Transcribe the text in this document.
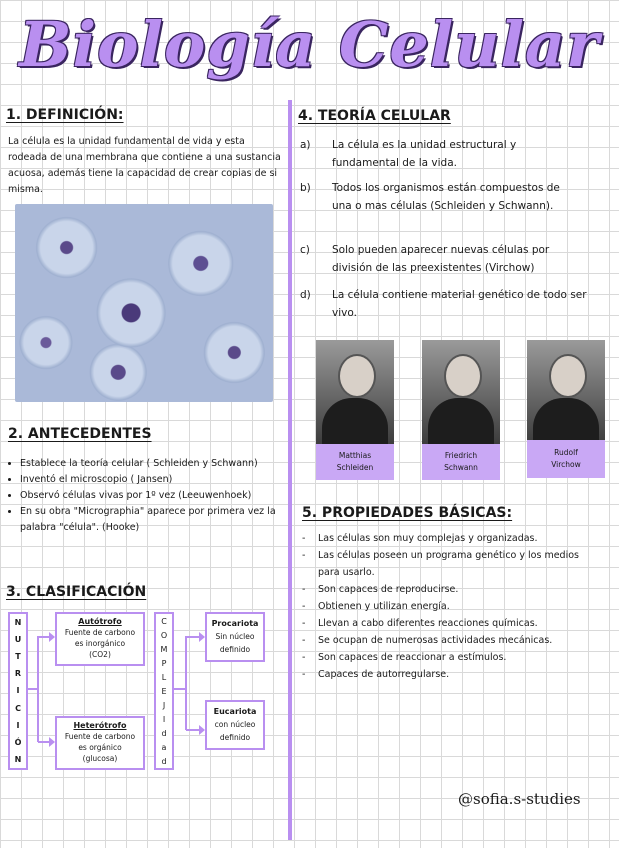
Biología Celular
1. DEFINICIÓN:
La célula es la unidad fundamental de vida y esta rodeada de una membrana que contiene a una sustancia acuosa, además tiene la capacidad de crear copias de si misma.
2. ANTECEDENTES
• Establece la teoría celular ( Schleiden y Schwann)
• Inventó el microscopio ( Jansen)
• Observó células vivas por 1º vez (Leeuwenhoek)
• En su obra "Micrographia" aparece por primera vez la palabra "célula". (Hooke)
3. CLASIFICACIÓN
N
U
T
R
I
C
I
Ó
N
Autótrofo
Fuente de carbono
es inorgánico
(CO2)
Heterótrofo
Fuente de carbono
es orgánico
(glucosa)
C
O
M
P
L
E
J
I
d
a
d
Procariota
Sin núcleo
definido
Eucariota
con núcleo
definido
4. TEORÍA CELULAR
a) La célula es la unidad estructural y fundamental de la vida.
b) Todos los organismos están compuestos de una o mas células (Schleiden y Schwann).
c) Solo pueden aparecer nuevas células por división de las preexistentes (Virchow)
d) La célula contiene material genético de todo ser vivo.
Matthias
Schleiden
Friedrich
Schwann
Rudolf
Virchow
5. PROPIEDADES BÁSICAS:
- Las células son muy complejas y organizadas.
- Las células poseen un programa genético y los medios para usarlo.
- Son capaces de reproducirse.
- Obtienen y utilizan energía.
- Llevan a cabo diferentes reacciones químicas.
- Se ocupan de numerosas actividades mecánicas.
- Son capaces de reaccionar a estímulos.
- Capaces de autorregularse.
@sofia.s-studies
